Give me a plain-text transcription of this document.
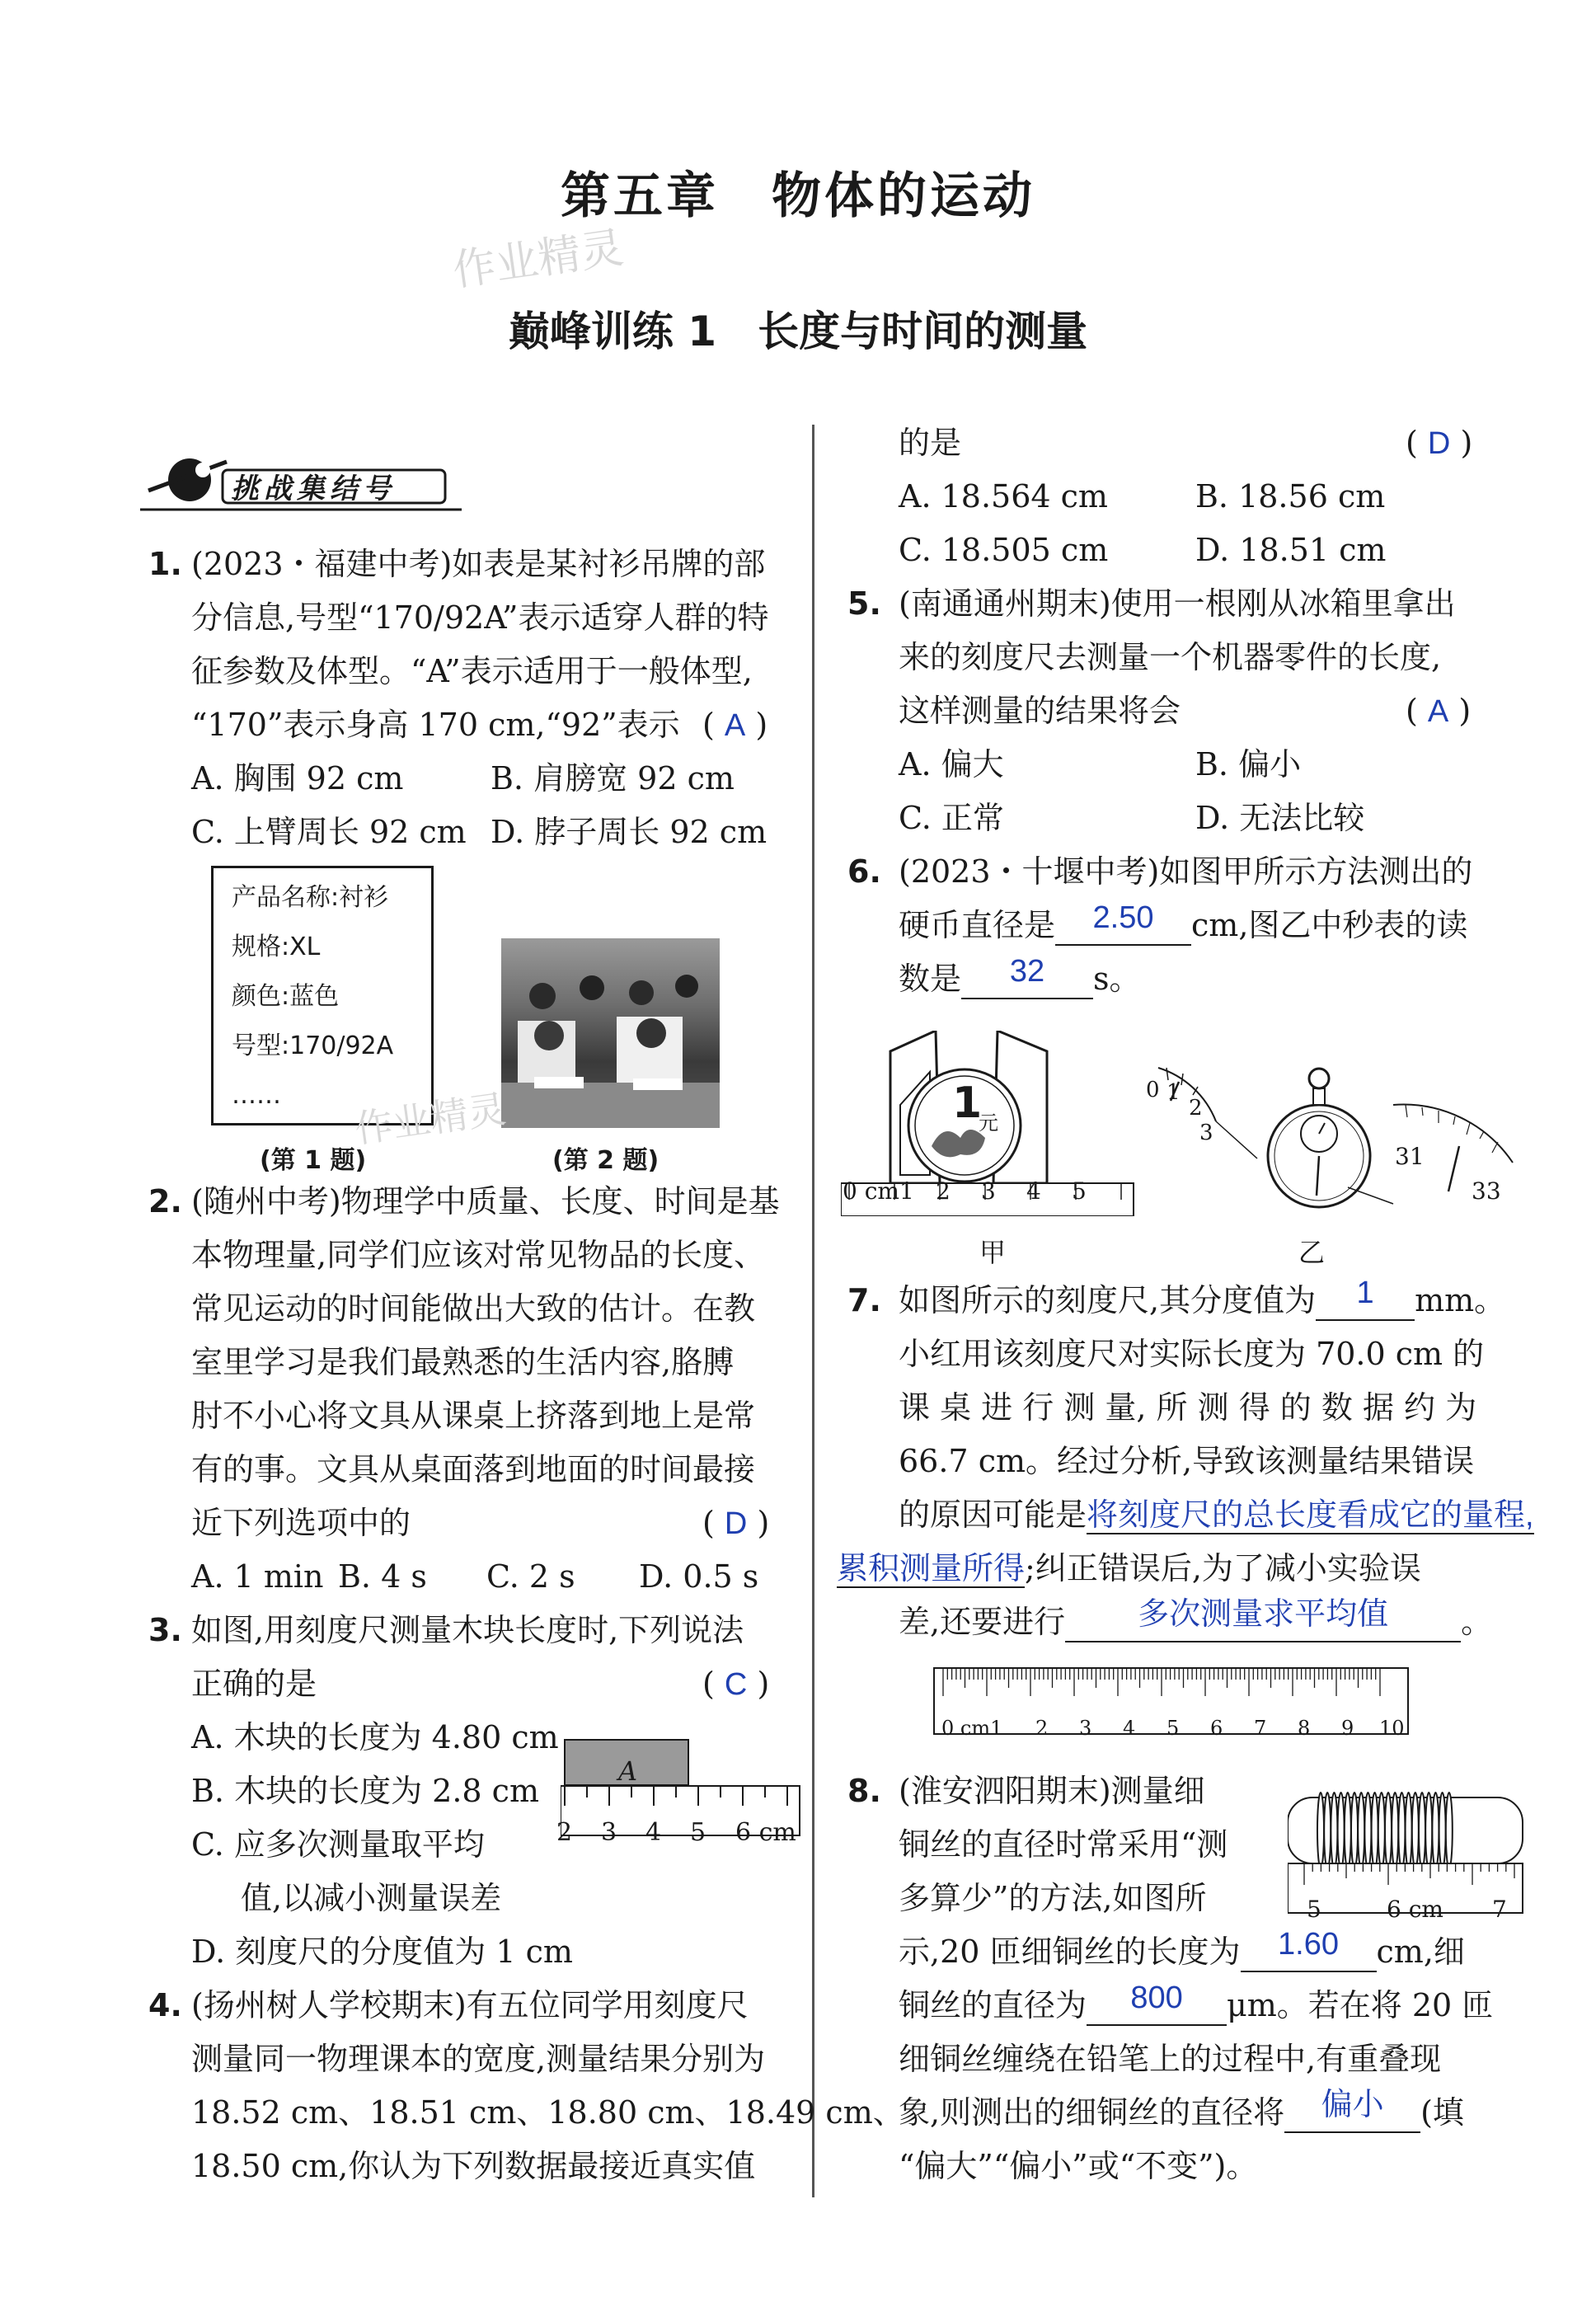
第五章　物体的运动
作业精灵
巅峰训练 1　长度与时间的测量
挑战集结号
1. (2023・福建中考)如表是某衬衫吊牌的部
分信息,号型“170/92A”表示适穿人群的特
征参数及体型。“A”表示适用于一般体型,
“170”表示身高 170 cm,“92”表示 ( A )
A. 胸围 92 cm	B. 肩膀宽 92 cm
C. 上臂周长 92 cm D. 脖子周长 92 cm
产品名称:衬衫
规格:XL
颜色:蓝色
号型:170/92A
……
(第 1 题)	(第 2 题)
作业精灵
2. (随州中考)物理学中质量、长度、时间是基
本物理量,同学们应该对常见物品的长度、
常见运动的时间能做出大致的估计。在教
室里学习是我们最熟悉的生活内容,胳膊
肘不小心将文具从课桌上挤落到地上是常
有的事。文具从桌面落到地面的时间最接
近下列选项中的	( D )
A. 1 min B. 4 s C. 2 s D. 0.5 s
3. 如图,用刻度尺测量木块长度时,下列说法
正确的是	( C )
A. 木块的长度为 4.80 cm
B. 木块的长度为 2.8 cm
C. 应多次测量取平均
值,以减小测量误差
D. 刻度尺的分度值为 1 cm
A
2 3 4 5 6 cm
4. (扬州树人学校期末)有五位同学用刻度尺
测量同一物理课本的宽度,测量结果分别为
18.52 cm、18.51 cm、18.80 cm、18.49 cm、
18.50 cm,你认为下列数据最接近真实值
的是	( D )
A. 18.564 cm	B. 18.56 cm
C. 18.505 cm	D. 18.51 cm
5. (南通通州期末)使用一根刚从冰箱里拿出
来的刻度尺去测量一个机器零件的长度,
这样测量的结果将会	( A )
A. 偏大	B. 偏小
C. 正常	D. 无法比较
6. (2023・十堰中考)如图甲所示方法测出的
硬币直径是 2.50 cm,图乙中秒表的读
数是 32 s。
1
元
0 cm1 2 3 4 5
甲
0 1
2
3
31
33
乙
7. 如图所示的刻度尺,其分度值为 1 mm。
小红用该刻度尺对实际长度为 70.0 cm 的
课 桌 进 行 测 量, 所 测 得 的 数 据 约 为
66.7 cm。经过分析,导致该测量结果错误
的原因可能是将刻度尺的总长度看成它的量程,
累积测量所得;纠正错误后,为了减小实验误
差,还要进行 多次测量求平均值 。
0 cm1 2 3 4 5 6 7 8 9 10
8. (淮安泗阳期末)测量细
铜丝的直径时常采用“测
多算少”的方法,如图所
示,20 匝细铜丝的长度为 1.60 cm,细
铜丝的直径为 800 μm。若在将 20 匝
细铜丝缠绕在铅笔上的过程中,有重叠现
象,则测出的细铜丝的直径将 偏小 (填
“偏大”“偏小”或“不变”)。
5	6 cm 7
